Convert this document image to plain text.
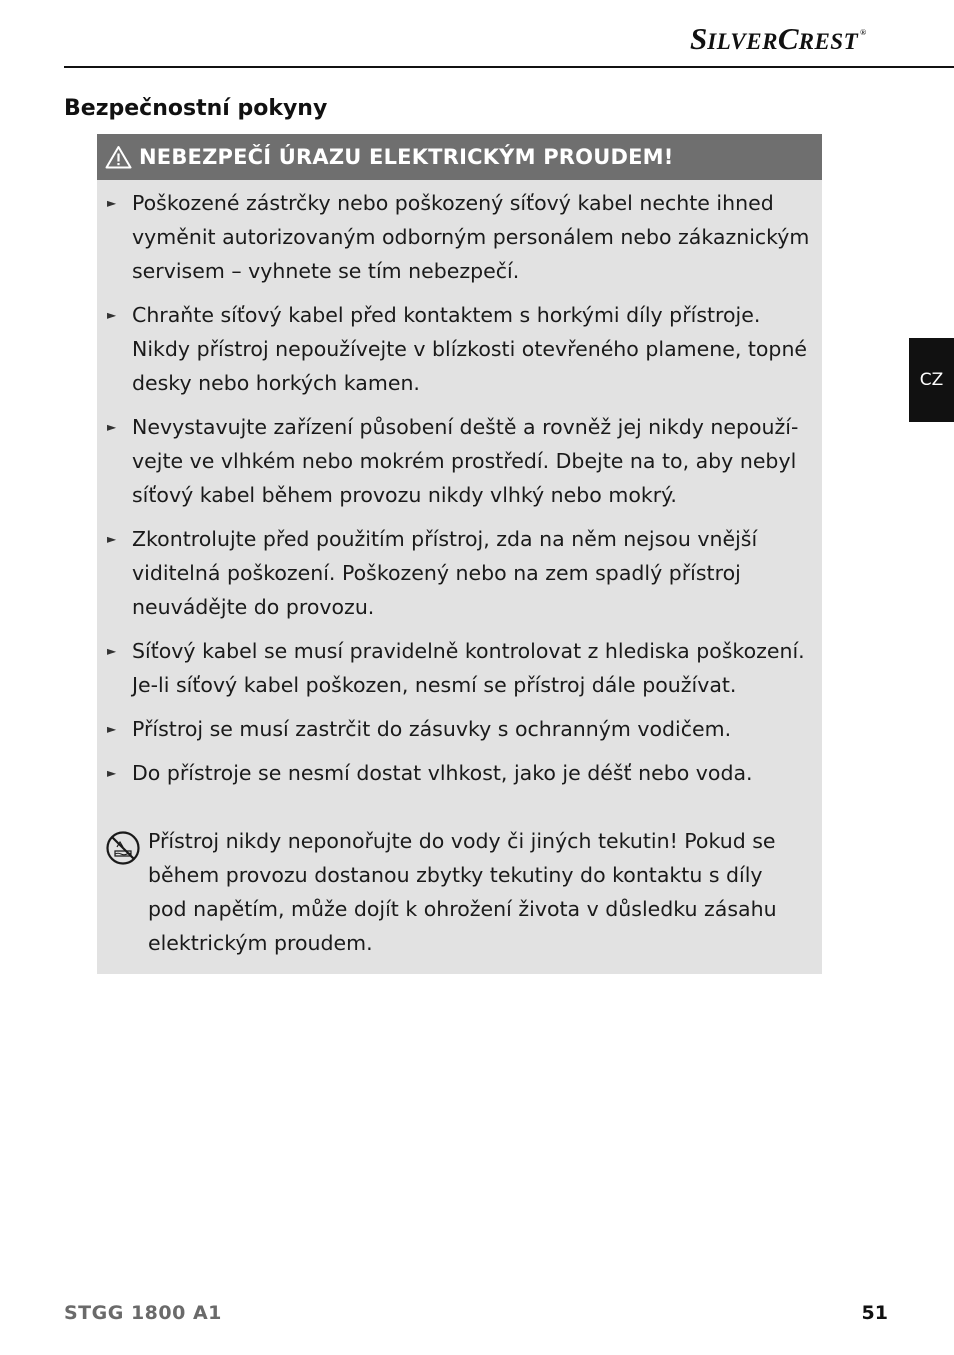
SILVERCREST ®
Bezpečnostní pokyny
NEBEZPEČÍ ÚRAZU ELEKTRICKÝM PROUDEM!
► Poškozené zástrčky nebo poškozený síťový kabel nechte ihned vyměnit autorizovaným odborným personálem nebo zákaznickým servisem – vyhnete se tím nebezpečí.
► Chraňte síťový kabel před kontaktem s horkými díly přístroje. Nikdy přístroj nepoužívejte v blízkosti otevřeného plamene, topné desky nebo horkých kamen.
► Nevystavujte zařízení působení deště a rovněž jej nikdy nepouží-vejte ve vlhkém nebo mokrém prostředí. Dbejte na to, aby nebyl síťový kabel během provozu nikdy vlhký nebo mokrý.
► Zkontrolujte před použitím přístroj, zda na něm nejsou vnější viditelná poškození. Poškozený nebo na zem spadlý přístroj neuvádějte do provozu.
► Síťový kabel se musí pravidelně kontrolovat z hlediska poškození. Je-li síťový kabel poškozen, nesmí se přístroj dále používat.
► Přístroj se musí zastrčit do zásuvky s ochranným vodičem.
► Do přístroje se nesmí dostat vlhkost, jako je déšť nebo voda.
Přístroj nikdy neponořujte do vody či jiných tekutin! Pokud se během provozu dostanou zbytky tekutiny do kontaktu s díly pod napětím, může dojít k ohrožení života v důsledku zásahu elektrickým proudem.
CZ
STGG 1800 A1	51
